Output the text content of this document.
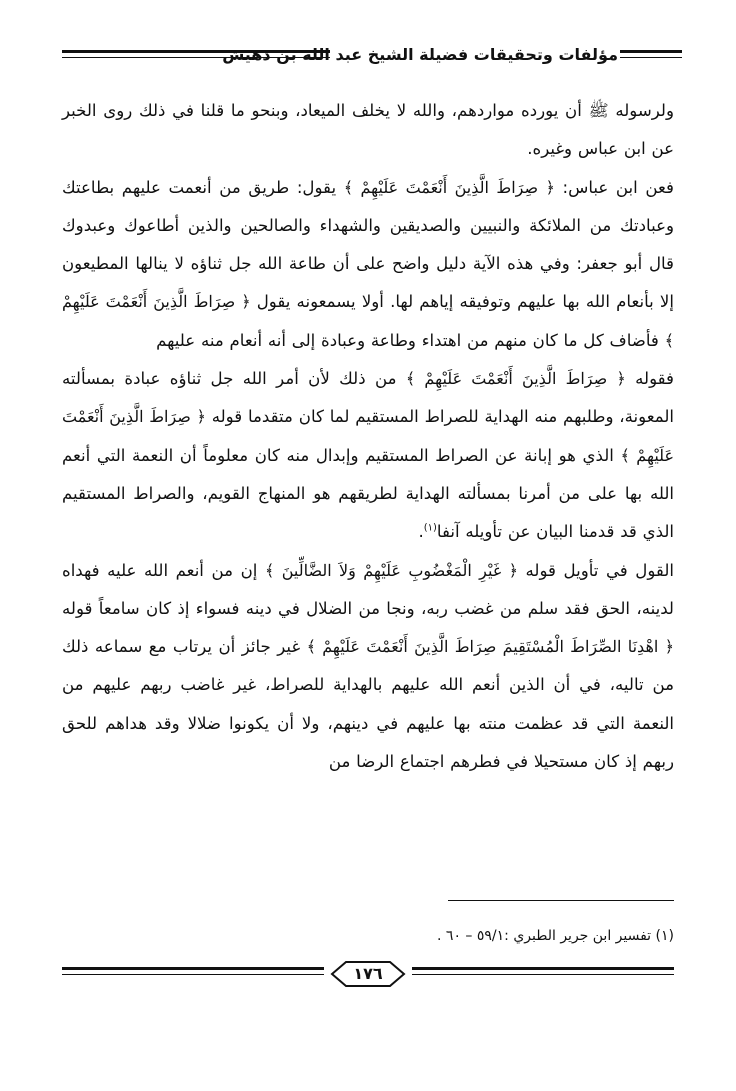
مؤلفات وتحقيقات فضيلة الشيخ عبد الله بن دهيش

ولرسوله ﷺ أن يورده مواردهم، والله لا يخلف الميعاد، وبنحو ما قلنا في ذلك روى الخبر عن ابن عباس وغيره.

فعن ابن عباس: ﴿ صِرَاطَ الَّذِينَ أَنْعَمْتَ عَلَيْهِمْ ﴾ يقول: طريق من أنعمت عليهم بطاعتك وعبادتك من الملائكة والنبيين والصديقين والشهداء والصالحين والذين أطاعوك وعبدوك قال أبو جعفر: وفي هذه الآية دليل واضح على أن طاعة الله جل ثناؤه لا ينالها المطيعون إلا بأنعام الله بها عليهم وتوفيقه إياهم لها. أولا يسمعونه يقول ﴿ صِرَاطَ الَّذِينَ أَنْعَمْتَ عَلَيْهِمْ ﴾ فأضاف كل ما كان منهم من اهتداء وطاعة وعبادة إلى أنه أنعام منه عليهم

فقوله ﴿ صِرَاطَ الَّذِينَ أَنْعَمْتَ عَلَيْهِمْ ﴾ من ذلك لأن أمر الله جل ثناؤه عبادة بمسألته المعونة، وطلبهم منه الهداية للصراط المستقيم لما كان متقدما قوله ﴿ صِرَاطَ الَّذِينَ أَنْعَمْتَ عَلَيْهِمْ ﴾ الذي هو إبانة عن الصراط المستقيم وإبدال منه كان معلوماً أن النعمة التي أنعم الله بها على من أمرنا بمسألته الهداية لطريقهم هو المنهاج القويم، والصراط المستقيم الذي قد قدمنا البيان عن تأويله آنفا$^{(١)}$.

القول في تأويل قوله ﴿ غَيْرِ الْمَغْضُوبِ عَلَيْهِمْ وَلاَ الضَّالِّينَ ﴾ إن من أنعم الله عليه فهداه لدينه، الحق فقد سلم من غضب ربه، ونجا من الضلال في دينه فسواء إذ كان سامعاً قوله ﴿ اهْدِنَا الصِّرَاطَ الْمُسْتَقِيمَ صِرَاطَ الَّذِينَ أَنْعَمْتَ عَلَيْهِمْ ﴾ غير جائز أن يرتاب مع سماعه ذلك من تاليه، في أن الذين أنعم الله عليهم بالهداية للصراط، غير غاضب ربهم عليهم من النعمة التي قد عظمت منته بها عليهم في دينهم، ولا أن يكونوا ضلالا وقد هداهم للحق ربهم إذ كان مستحيلا في فطرهم اجتماع الرضا من

(١) تفسير ابن جرير الطبري :٥٩/١ – ٦٠ .
١٧٦
